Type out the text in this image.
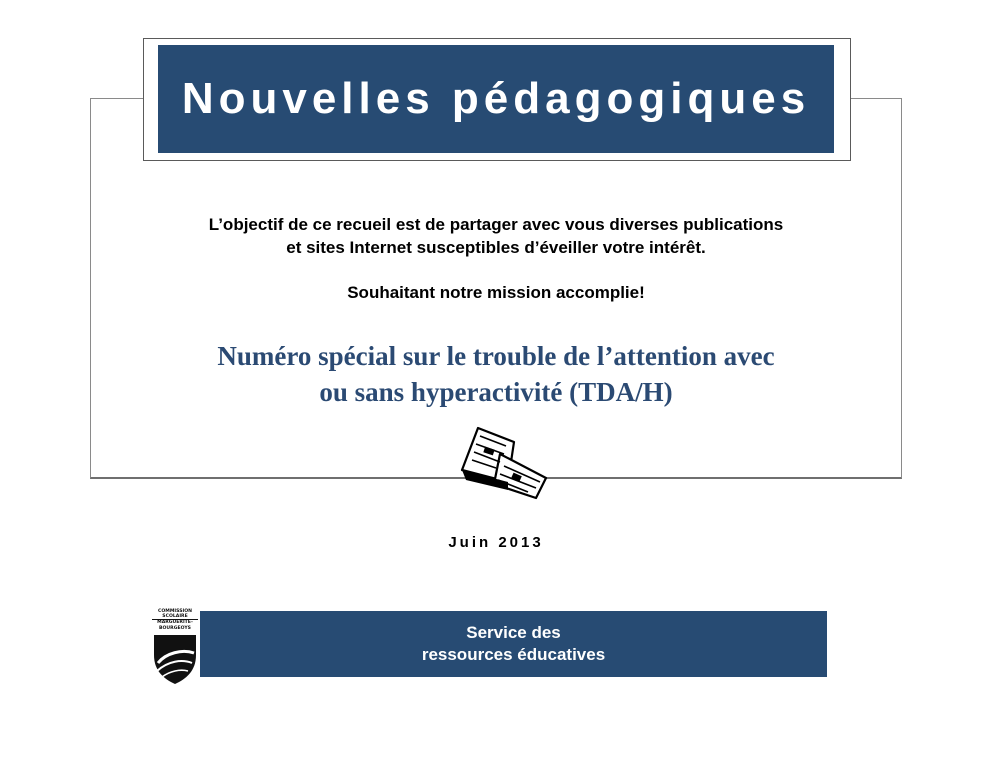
Nouvelles pédagogiques
L’objectif de ce recueil est de partager avec vous diverses publications
et sites Internet susceptibles d’éveiller votre intérêt.
Souhaitant notre mission accomplie!
Numéro spécial sur le trouble de l’attention avec
ou sans hyperactivité (TDA/H)
Juin 2013
COMMISSION
SCOLAIRE
MARGUERITE-
BOURGEOYS	Service des
ressources éducatives
